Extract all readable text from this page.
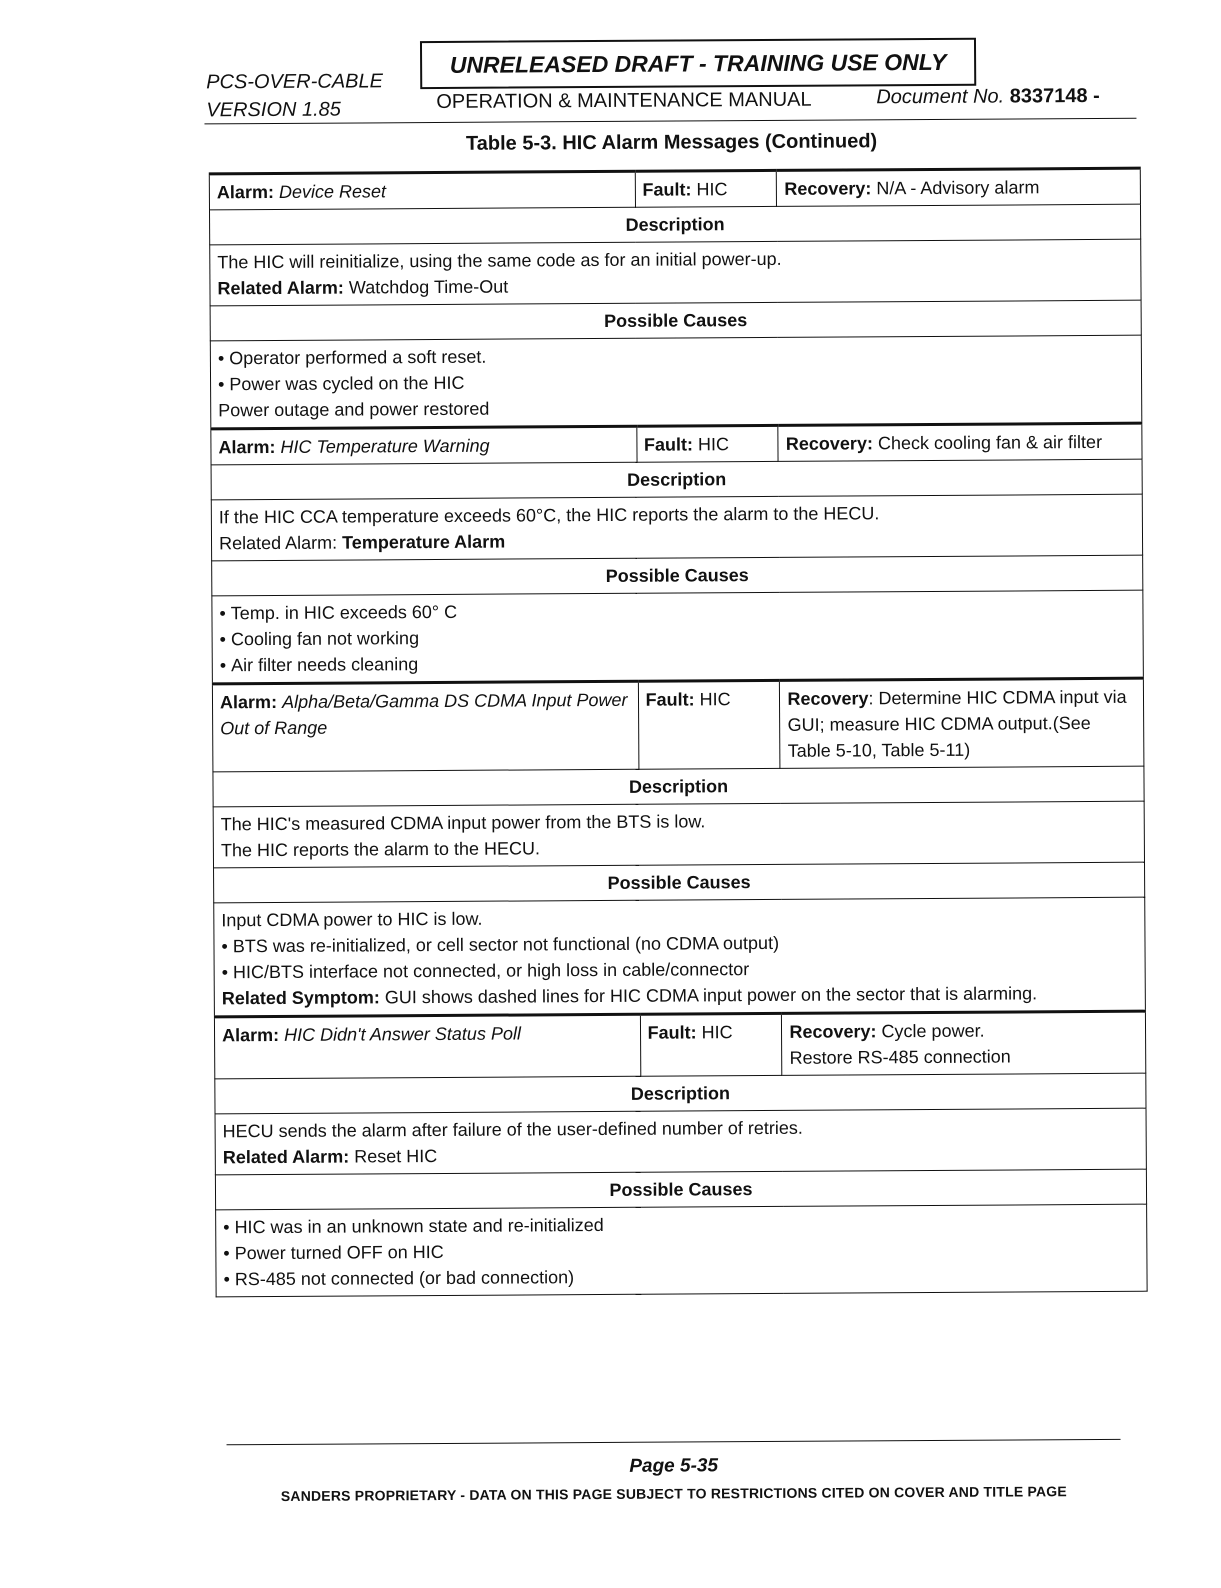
PCS-OVER-CABLE
VERSION 1.85
UNRELEASED DRAFT - TRAINING USE ONLY
OPERATION & MAINTENANCE MANUAL	Document No. 8337148 -
Table 5-3. HIC Alarm Messages (Continued)
Alarm: Device Reset	Fault: HIC	Recovery: N/A - Advisory alarm
Description		

The HIC will reinitialize, using the same code as for an initial power-up.
Related Alarm: Watchdog Time-Out		

Possible Causes		

• Operator performed a soft reset.
• Power was cycled on the HIC
Power outage and power restored

Alarm: HIC Temperature Warning	Fault: HIC	Recovery: Check cooling fan & air filter
Description		

If the HIC CCA temperature exceeds 60°C, the HIC reports the alarm to the HECU.
Related Alarm: Temperature Alarm		

Possible Causes		

• Temp. in HIC exceeds 60° C
• Cooling fan not working
• Air filter needs cleaning

Alarm: Alpha/Beta/Gamma DS CDMA Input Power Out of Range	Fault: HIC	Recovery: Determine HIC CDMA input via GUI; measure HIC CDMA output.(See Table 5-10, Table 5-11)
Description		

The HIC's measured CDMA input power from the BTS is low.
The HIC reports the alarm to the HECU.		

Possible Causes		

Input CDMA power to HIC is low.
• BTS was re-initialized, or cell sector not functional (no CDMA output)
• HIC/BTS interface not connected, or high loss in cable/connector
Related Symptom: GUI shows dashed lines for HIC CDMA input power on the sector that is alarming.

Alarm: HIC Didn't Answer Status Poll	Fault: HIC	Recovery: Cycle power.
Restore RS-485 connection

Description		

HECU sends the alarm after failure of the user-defined number of retries.
Related Alarm: Reset HIC		

Possible Causes		

• HIC was in an unknown state and re-initialized
• Power turned OFF on HIC
• RS-485 not connected (or bad connection)
Page 5-35
SANDERS PROPRIETARY - DATA ON THIS PAGE SUBJECT TO RESTRICTIONS CITED ON COVER AND TITLE PAGE
